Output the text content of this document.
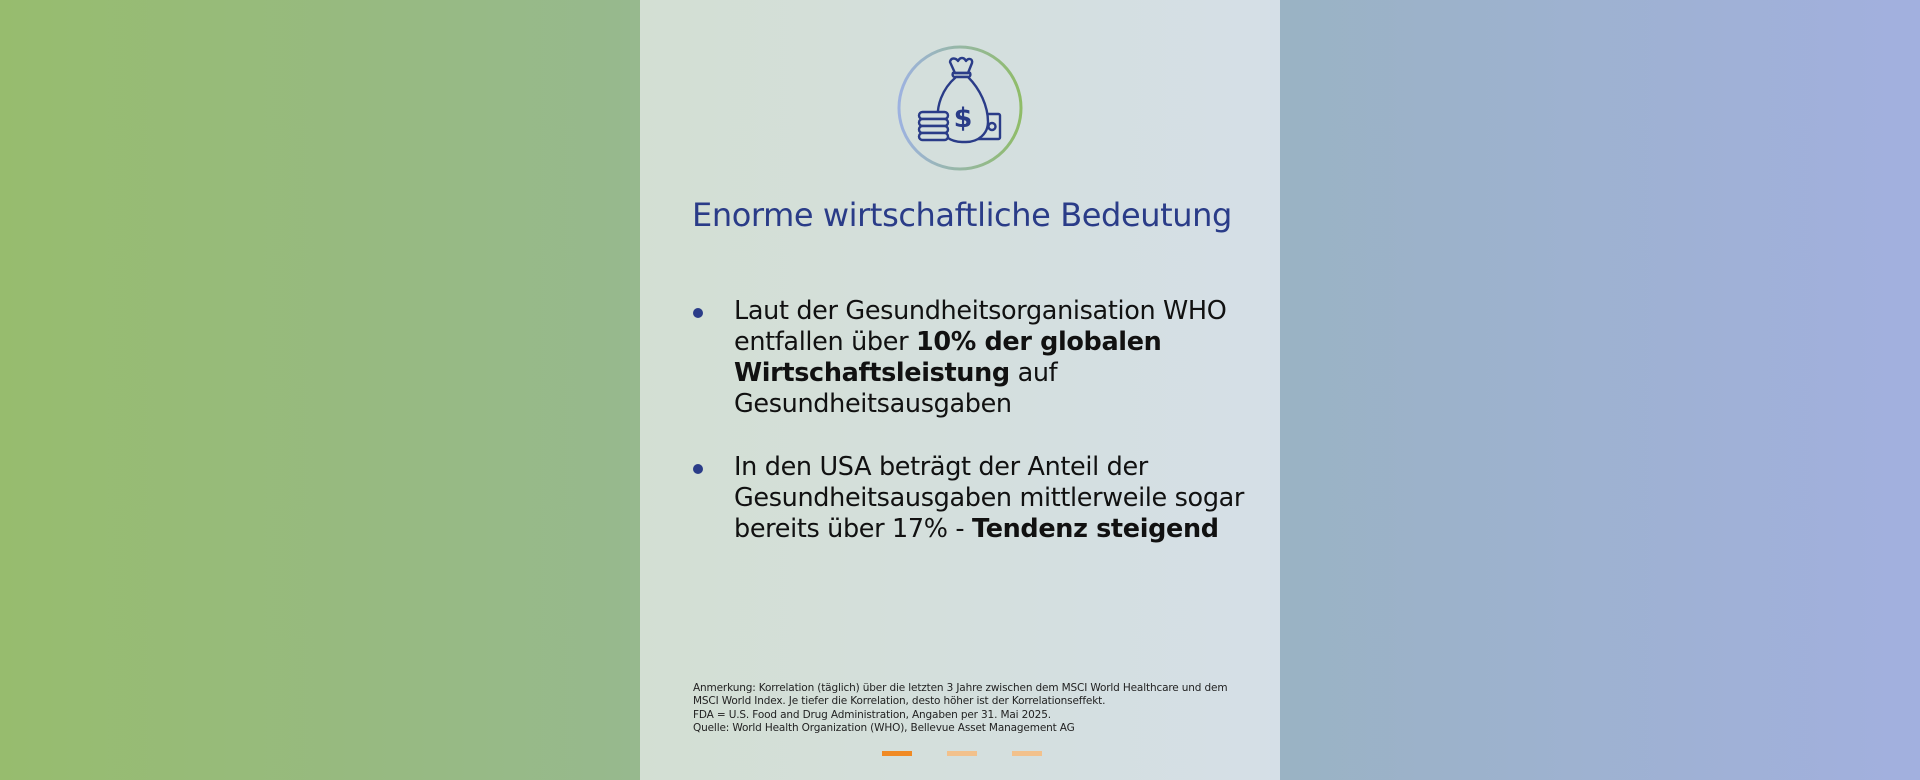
$
Enorme wirtschaftliche Bedeutung
Laut der Gesundheitsorganisation WHO entfallen über 10% der globalen Wirtschaftsleistung auf Gesundheitsausgaben
In den USA beträgt der Anteil der Gesundheitsausgaben mittlerweile sogar bereits über 17% - Tendenz steigend
Anmerkung: Korrelation (täglich) über die letzten 3 Jahre zwischen dem MSCI World Healthcare und dem
MSCI World Index. Je tiefer die Korrelation, desto höher ist der Korrelationseffekt.
FDA = U.S. Food and Drug Administration, Angaben per 31. Mai 2025.
Quelle: World Health Organization (WHO), Bellevue Asset Management AG
